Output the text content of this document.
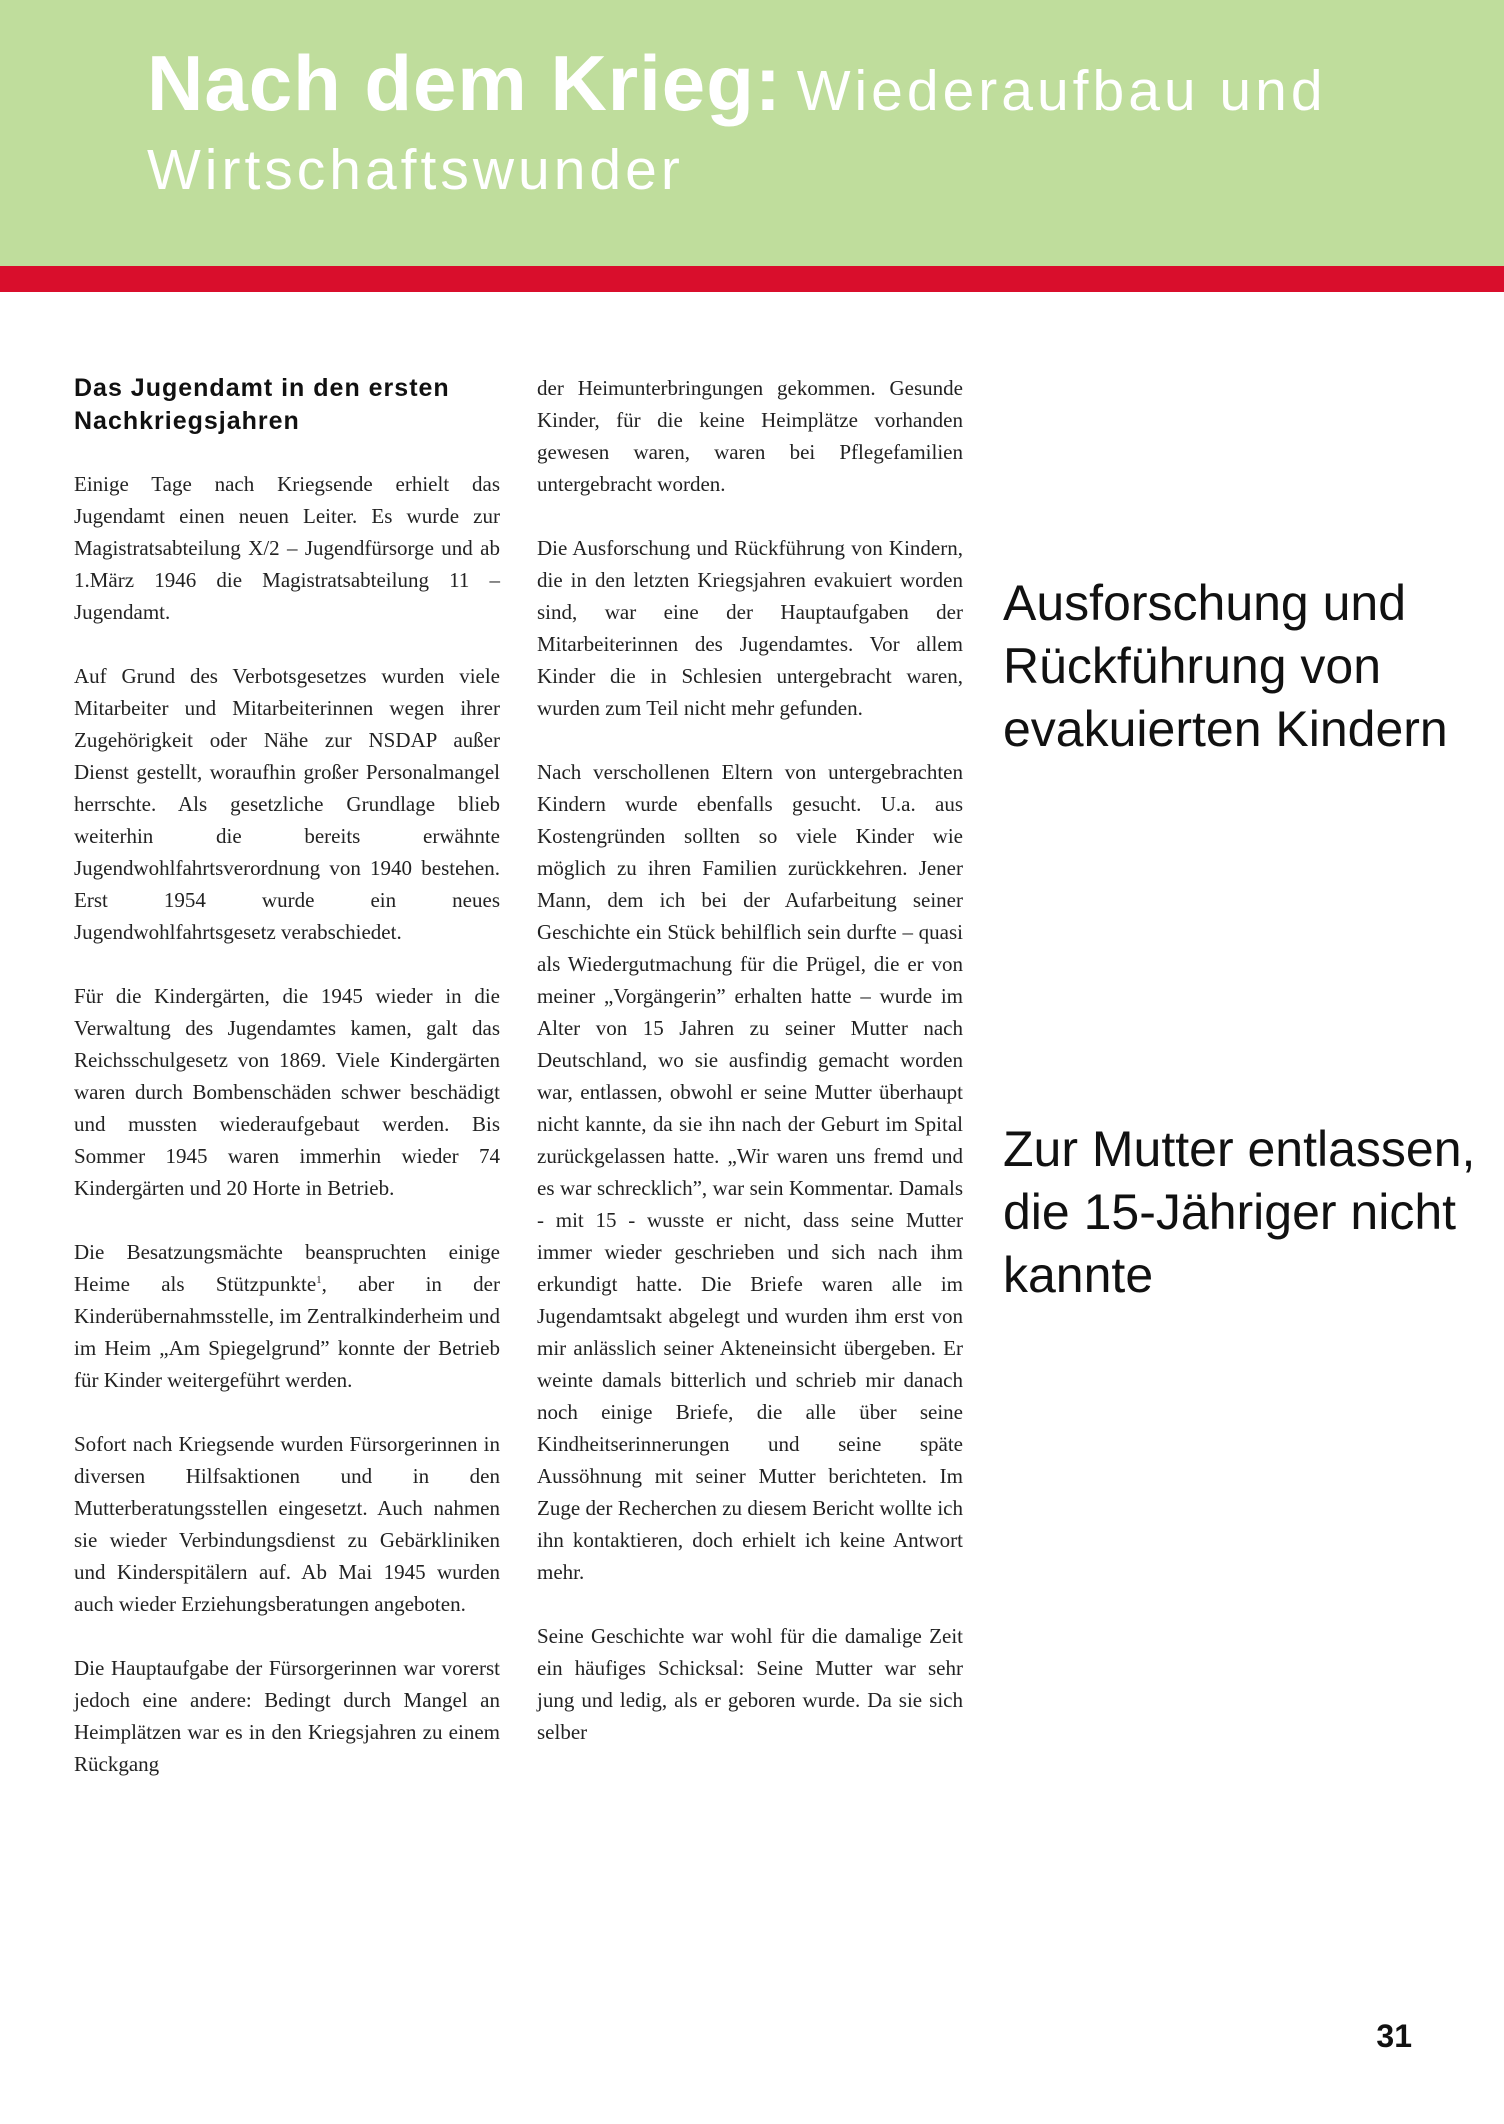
Nach dem Krieg: Wiederaufbau und
Wirtschaftswunder
Das Jugendamt in den ersten Nachkriegsjahren

Einige Tage nach Kriegsende erhielt das Jugendamt einen neuen Leiter. Es wurde zur Magistratsabteilung X/2 – Jugendfürsorge und ab 1.März 1946 die Magistratsabteilung 11 – Jugendamt.

Auf Grund des Verbotsgesetzes wurden viele Mitarbeiter und Mitarbeiterinnen wegen ihrer Zugehörigkeit oder Nähe zur NSDAP außer Dienst gestellt, woraufhin großer Personalmangel herrschte. Als gesetzliche Grundlage blieb weiterhin die bereits erwähnte Jugendwohlfahrtsverordnung von 1940 bestehen. Erst 1954 wurde ein neues Jugendwohlfahrtsgesetz verabschiedet.

Für die Kindergärten, die 1945 wieder in die Verwaltung des Jugendamtes kamen, galt das Reichsschulgesetz von 1869. Viele Kindergärten waren durch Bombenschäden schwer beschädigt und mussten wiederaufgebaut werden. Bis Sommer 1945 waren immerhin wieder 74 Kindergärten und 20 Horte in Betrieb.

Die Besatzungsmächte beanspruchten einige Heime als Stützpunkte$^1$, aber in der Kinderübernahmsstelle, im Zentralkinderheim und im Heim „Am Spiegelgrund” konnte der Betrieb für Kinder weitergeführt werden.

Sofort nach Kriegsende wurden Fürsorgerinnen in diversen Hilfsaktionen und in den Mutterberatungsstellen eingesetzt. Auch nahmen sie wieder Verbindungsdienst zu Gebärkliniken und Kinderspitälern auf. Ab Mai 1945 wurden auch wieder Erziehungsberatungen angeboten.

Die Hauptaufgabe der Fürsorgerinnen war vorerst jedoch eine andere: Bedingt durch Mangel an Heimplätzen war es in den Kriegsjahren zu einem Rückgang

der Heimunterbringungen gekommen. Gesunde Kinder, für die keine Heimplätze vorhanden gewesen waren, waren bei Pflegefamilien untergebracht worden.

Die Ausforschung und Rückführung von Kindern, die in den letzten Kriegsjahren evakuiert worden sind, war eine der Hauptaufgaben der Mitarbeiterinnen des Jugendamtes. Vor allem Kinder die in Schlesien untergebracht waren, wurden zum Teil nicht mehr gefunden.

Nach verschollenen Eltern von untergebrachten Kindern wurde ebenfalls gesucht. U.a. aus Kostengründen sollten so viele Kinder wie möglich zu ihren Familien zurückkehren. Jener Mann, dem ich bei der Aufarbeitung seiner Geschichte ein Stück behilflich sein durfte – quasi als Wiedergutmachung für die Prügel, die er von meiner „Vorgängerin” erhalten hatte – wurde im Alter von 15 Jahren zu seiner Mutter nach Deutschland, wo sie ausfindig gemacht worden war, entlassen, obwohl er seine Mutter überhaupt nicht kannte, da sie ihn nach der Geburt im Spital zurückgelassen hatte. „Wir waren uns fremd und es war schrecklich”, war sein Kommentar. Damals - mit 15 - wusste er nicht, dass seine Mutter immer wieder geschrieben und sich nach ihm erkundigt hatte. Die Briefe waren alle im Jugendamtsakt abgelegt und wurden ihm erst von mir anlässlich seiner Akteneinsicht übergeben. Er weinte damals bitterlich und schrieb mir danach noch einige Briefe, die alle über seine Kindheitserinnerungen und seine späte Aussöhnung mit seiner Mutter berichteten. Im Zuge der Recherchen zu diesem Bericht wollte ich ihn kontaktieren, doch erhielt ich keine Antwort mehr.

Seine Geschichte war wohl für die damalige Zeit ein häufiges Schicksal: Seine Mutter war sehr jung und ledig, als er geboren wurde. Da sie sich selber

Ausforschung und Rückführung von evakuierten Kindern
Zur Mutter entlassen, die 15-Jähriger nicht kannte
31
